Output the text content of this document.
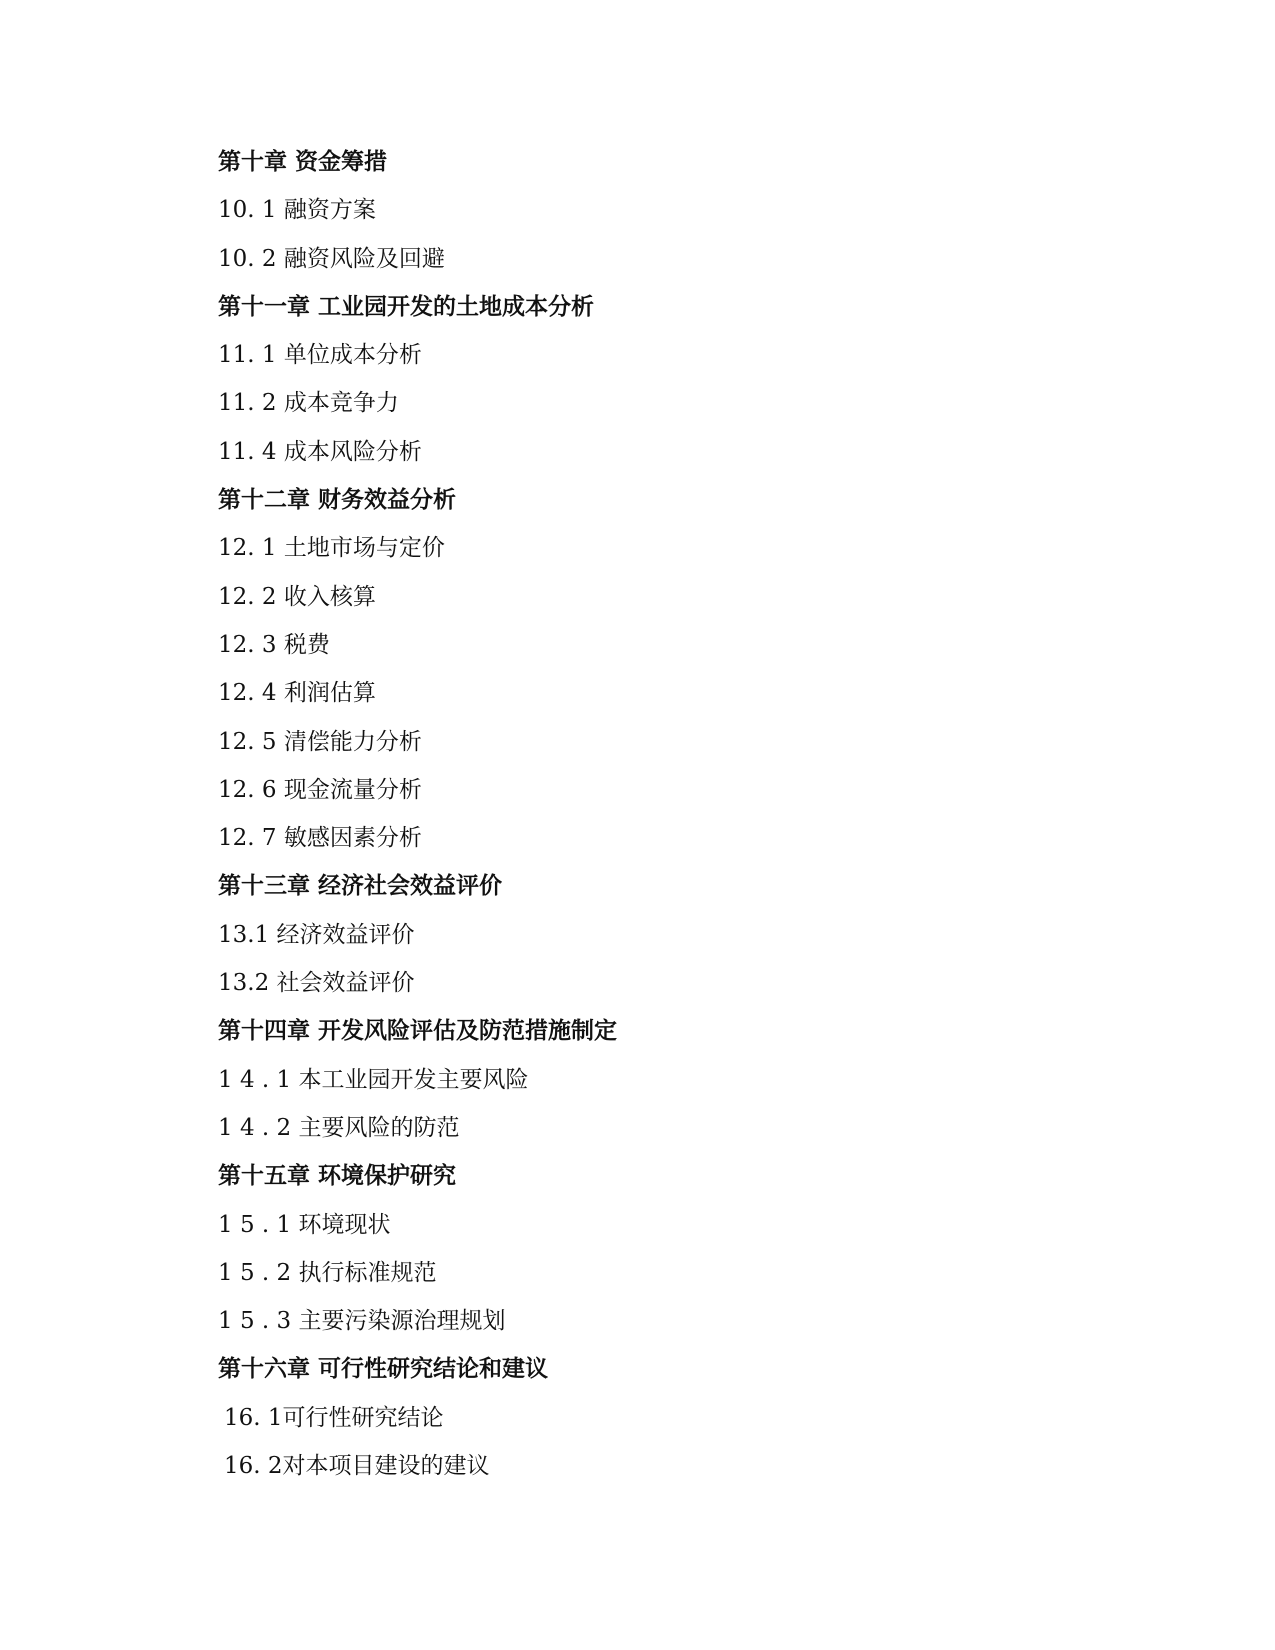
第十章 资金筹措
10. 1 融资方案
10. 2 融资风险及回避
第十一章 工业园开发的土地成本分析
11. 1 单位成本分析
11. 2 成本竞争力
11. 4 成本风险分析
第十二章 财务效益分析
12. 1 土地市场与定价
12. 2 收入核算
12. 3 税费
12. 4 利润估算
12. 5 清偿能力分析
12. 6 现金流量分析
12. 7 敏感因素分析
第十三章 经济社会效益评价
13.1 经济效益评价
13.2 社会效益评价
第十四章 开发风险评估及防范措施制定
1 4 . 1 本工业园开发主要风险
1 4 . 2 主要风险的防范
第十五章 环境保护研究
1 5 . 1 环境现状
1 5 . 2 执行标准规范
1 5 . 3 主要污染源治理规划
第十六章 可行性研究结论和建议
16. 1可行性研究结论
16. 2对本项目建设的建议
